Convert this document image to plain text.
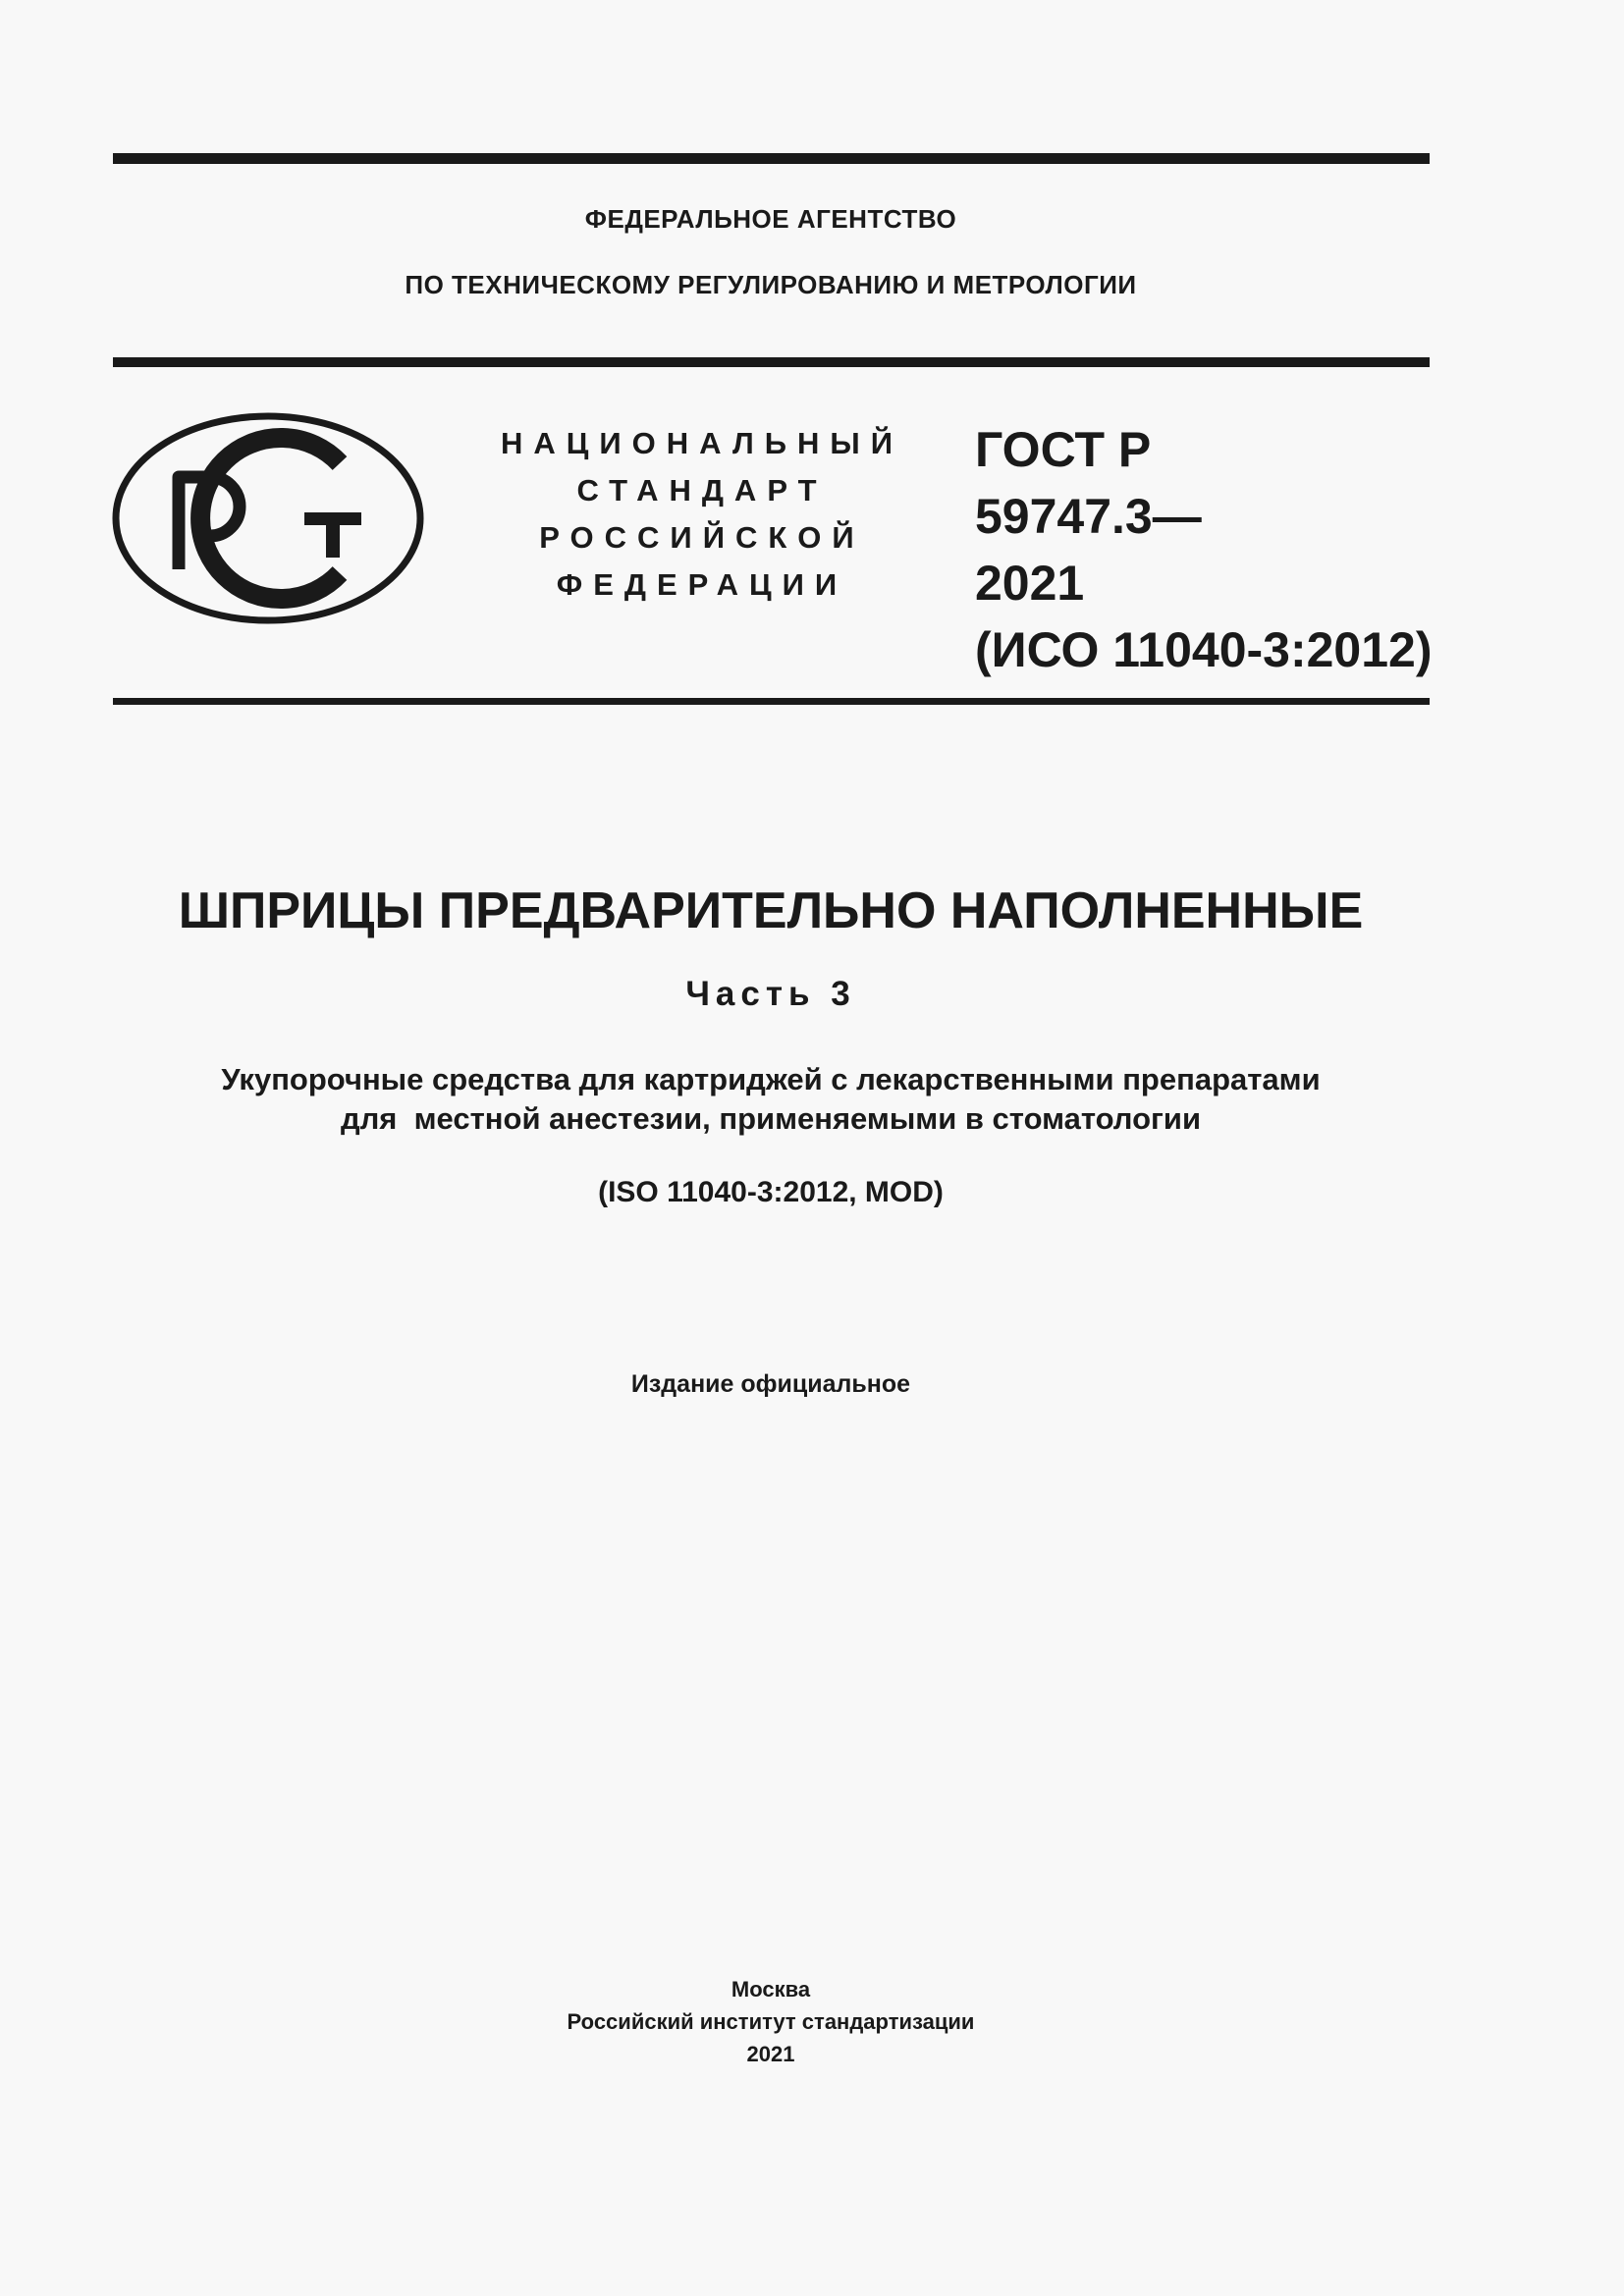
ФЕДЕРАЛЬНОЕ АГЕНТСТВО
ПО ТЕХНИЧЕСКОМУ РЕГУЛИРОВАНИЮ И МЕТРОЛОГИИ
НАЦИОНАЛЬНЫЙ
СТАНДАРТ
РОССИЙСКОЙ
ФЕДЕРАЦИИ
ГОСТ Р
59747.3—
2021
(ИСО 11040-3:2012)
ШПРИЦЫ ПРЕДВАРИТЕЛЬНО НАПОЛНЕННЫЕ
Часть 3
Укупорочные средства для картриджей с лекарственными препаратами
для  местной анестезии, применяемыми в стоматологии
(ISO 11040-3:2012, MOD)
Издание официальное
Москва
Российский институт стандартизации
2021
